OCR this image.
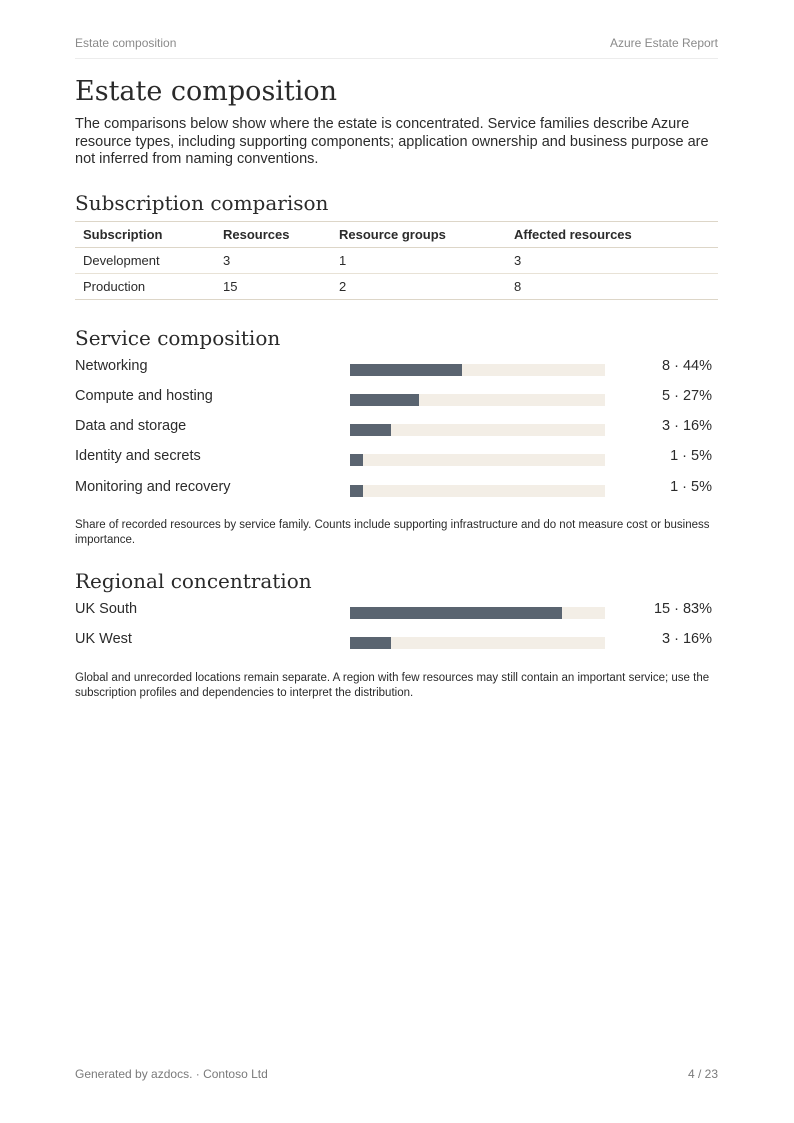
Estate composition	Azure Estate Report
Estate composition

The comparisons below show where the estate is concentrated. Service families describe Azure resource types, including supporting components; application ownership and business purpose are not inferred from naming conventions.

Subscription comparison
Subscription	Resources	Resource groups	Affected resources
Development	3	1	3
Production	15	2	8
Service composition
Networking	8 · 44%
Compute and hosting	5 · 27%
Data and storage	3 · 16%
Identity and secrets	1 · 5%
Monitoring and recovery	1 · 5%

Share of recorded resources by service family. Counts include supporting infrastructure and do not measure cost or business importance.

Regional concentration
UK South	15 · 83%
UK West	3 · 16%

Global and unrecorded locations remain separate. A region with few resources may still contain an important service; use the subscription profiles and dependencies to interpret the distribution.

Generated by azdocs. · Contoso Ltd	4 / 23
